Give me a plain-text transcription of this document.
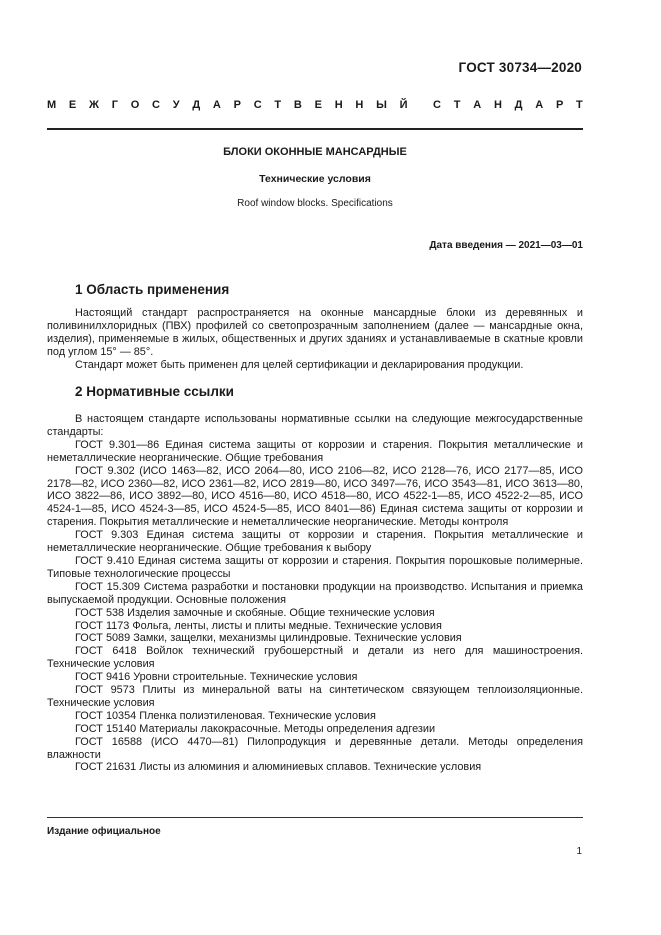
ГОСТ 30734—2020
М Е Ж Г О С У Д А Р С Т В Е Н Н Ы Й С Т А Н Д А Р Т
БЛОКИ ОКОННЫЕ МАНСАРДНЫЕ
Технические условия
Roof window blocks. Specifications
Дата введения — 2021—03—01
1 Область применения

Настоящий стандарт распространяется на оконные мансардные блоки из деревянных и поливинилхлоридных (ПВХ) профилей со светопрозрачным заполнением (далее — мансардные окна, изделия), применяемые в жилых, общественных и других зданиях и устанавливаемые в скатные кровли под углом 15° — 85°.

Стандарт может быть применен для целей сертификации и декларирования продукции.

2 Нормативные ссылки

В настоящем стандарте использованы нормативные ссылки на следующие межгосударственные стандарты:

ГОСТ 9.301—86 Единая система защиты от коррозии и старения. Покрытия металлические и неметаллические неорганические. Общие требования

ГОСТ 9.302 (ИСО 1463—82, ИСО 2064—80, ИСО 2106—82, ИСО 2128—76, ИСО 2177—85, ИСО 2178—82, ИСО 2360—82, ИСО 2361—82, ИСО 2819—80, ИСО 3497—76, ИСО 3543—81, ИСО 3613—80, ИСО 3822—86, ИСО 3892—80, ИСО 4516—80, ИСО 4518—80, ИСО 4522-1—85, ИСО 4522-2—85, ИСО 4524-1—85, ИСО 4524-3—85, ИСО 4524-5—85, ИСО 8401—86) Единая система защиты от коррозии и старения. Покрытия металлические и неметаллические неорганические. Методы контроля

ГОСТ 9.303 Единая система защиты от коррозии и старения. Покрытия металлические и неметаллические неорганические. Общие требования к выбору

ГОСТ 9.410 Единая система защиты от коррозии и старения. Покрытия порошковые полимерные. Типовые технологические процессы

ГОСТ 15.309 Система разработки и постановки продукции на производство. Испытания и приемка выпускаемой продукции. Основные положения

ГОСТ 538 Изделия замочные и скобяные. Общие технические условия

ГОСТ 1173 Фольга, ленты, листы и плиты медные. Технические условия

ГОСТ 5089 Замки, защелки, механизмы цилиндровые. Технические условия

ГОСТ 6418 Войлок технический грубошерстный и детали из него для машиностроения. Технические условия

ГОСТ 9416 Уровни строительные. Технические условия

ГОСТ 9573 Плиты из минеральной ваты на синтетическом связующем теплоизоляционные. Технические условия

ГОСТ 10354 Пленка полиэтиленовая. Технические условия

ГОСТ 15140 Материалы лакокрасочные. Методы определения адгезии

ГОСТ 16588 (ИСО 4470—81) Пилопродукция и деревянные детали. Методы определения влажности

ГОСТ 21631 Листы из алюминия и алюминиевых сплавов. Технические условия

Издание официальное
1
